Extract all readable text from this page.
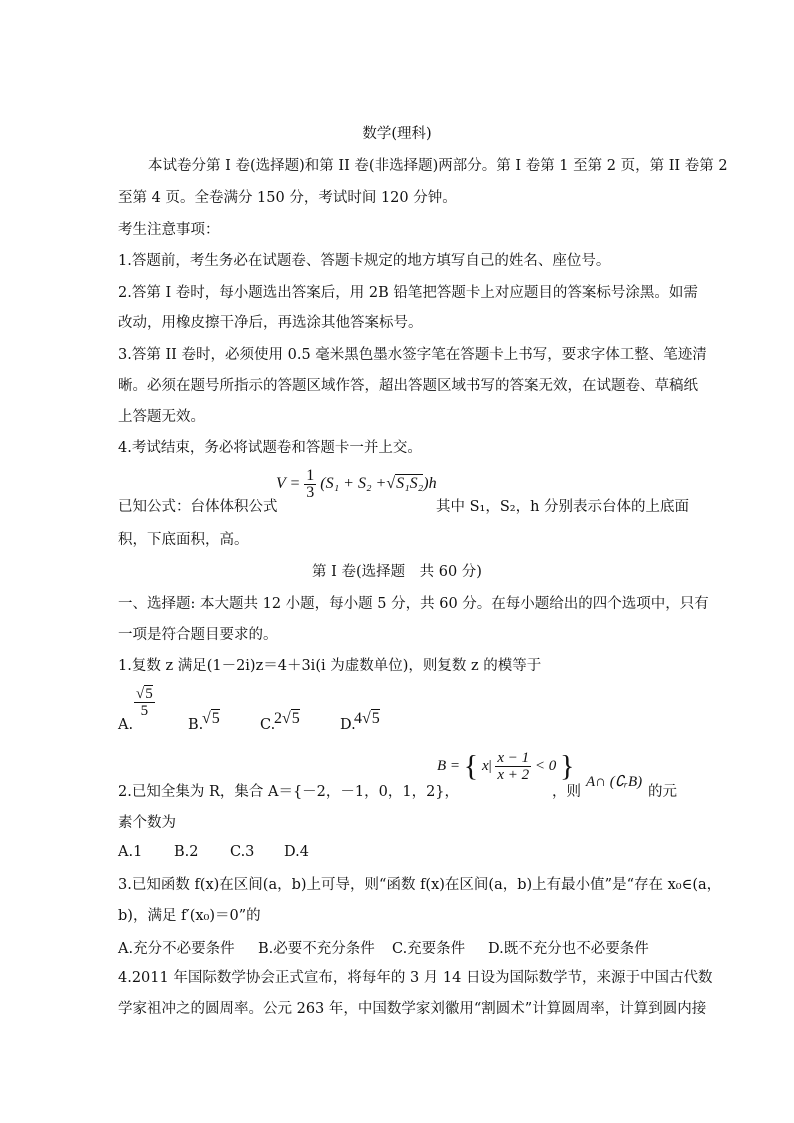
数学(理科)
本试卷分第 I 卷(选择题)和第 II 卷(非选择题)两部分。第 I 卷第 1 至第 2 页，第 II 卷第 2
至第 4 页。全卷满分 150 分，考试时间 120 分钟。
考生注意事项：
1.答题前，考生务必在试题卷、答题卡规定的地方填写自己的姓名、座位号。
2.答第 I 卷时，每小题选出答案后，用 2B 铅笔把答题卡上对应题目的答案标号涂黑。如需
改动，用橡皮擦干净后，再选涂其他答案标号。
3.答第 II 卷时，必须使用 0.5 毫米黑色墨水签字笔在答题卡上书写，要求字体工整、笔迹清
晰。必须在题号所指示的答题区域作答，超出答题区域书写的答案无效，在试题卷、草稿纸
上答题无效。
4.考试结束，务必将试题卷和答题卡一并上交。
已知公式：台体体积公式
$V = \frac{1}{3} (S_1 + S_2 +√S_1S_2)h$
其中 S₁，S₂，h 分别表示台体的上底面
积，下底面积，高。
第 I 卷(选择题　共 60 分)
一、选择题: 本大题共 12 小题，每小题 5 分，共 60 分。在每小题给出的四个选项中，只有
一项是符合题目要求的。
1.复数 z 满足(1－2i)z＝4＋3i(i 为虚数单位)，则复数 z 的模等于
A.
$\frac{√5}{5}$
B.
√5	C.
2√5	D.
4√5
2.已知全集为 R，集合 A＝{－2，－1，0，1，2}，
B = { $x| \frac{x - 1}{x + 2} < 0$ }
，则
A∩ (∁ᵣB)
的元
素个数为
A.1 B.2 C.3 D.4
3.已知函数 f(x)在区间(a，b)上可导，则“函数 f(x)在区间(a，b)上有最小值”是“存在 x₀∈(a，
b)，满足 f′(x₀)＝0”的
A.充分不必要条件 B.必要不充分条件 C.充要条件 D.既不充分也不必要条件
4.2011 年国际数学协会正式宣布，将每年的 3 月 14 日设为国际数学节，来源于中国古代数
学家祖冲之的圆周率。公元 263 年，中国数学家刘徽用“割圆术”计算圆周率，计算到圆内接
